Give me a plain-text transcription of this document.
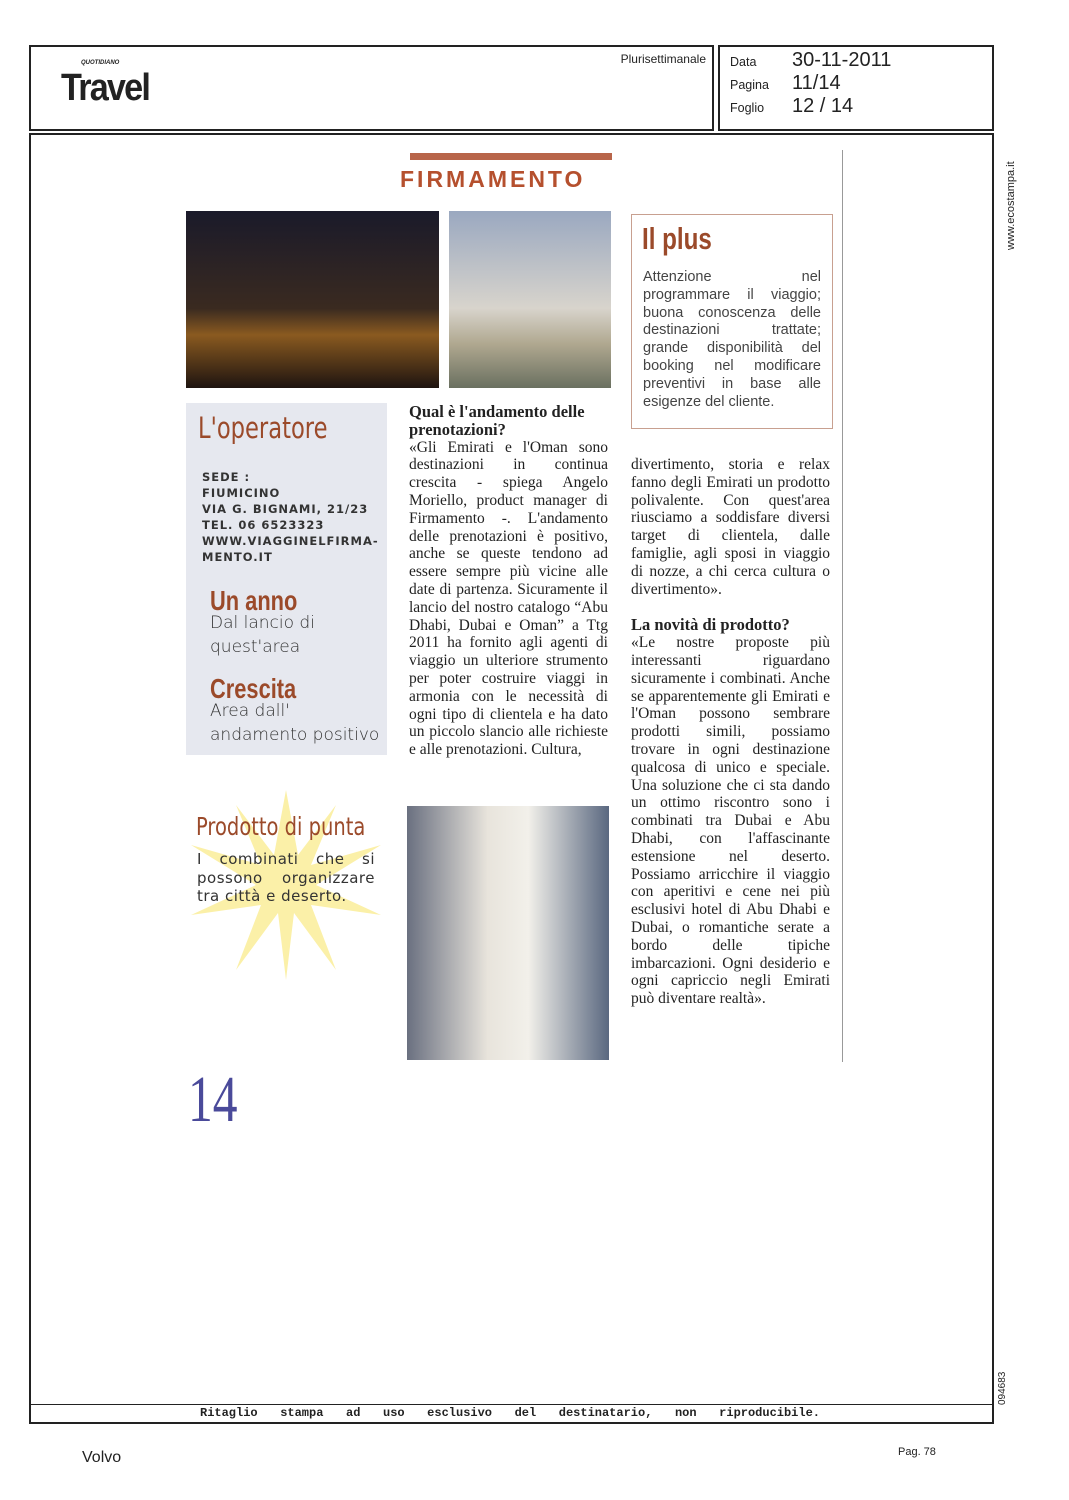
QUOTIDIANO
Travel
Plurisettimanale Data 30-11-2011
Pagina 11/14
Foglio 12 / 14
www.ecostampa.it
094683
FIRMAMENTO
Il plus
Attenzione nel programmare il viaggio; buona conoscenza delle destinazioni trattate; grande disponibilità del booking nel modificare preventivi in base alle esigenze del cliente.
L'operatore
SEDE :
FIUMICINO
VIA G. BIGNAMI, 21/23
TEL. 06 6523323
WWW.VIAGGINELFIRMA-
MENTO.IT
Un anno
Dal lancio di quest'area
Crescita
Area dall' andamento positivo
Prodotto di punta
I combinati che si possono organizzare tra città e deserto.
Qual è l'andamento delle prenotazioni?
«Gli Emirati e l'Oman sono destinazioni in continua crescita - spiega Angelo Moriello, product manager di Firmamento -. L'andamento delle prenotazioni è positivo, anche se queste tendono ad essere sempre più vicine alle date di partenza. Sicuramente il lancio del nostro catalogo “Abu Dhabi, Dubai e Oman” a Ttg 2011 ha fornito agli agenti di viaggio un ulteriore strumento per poter costruire viaggi in armonia con le necessità di ogni tipo di clientela e ha dato un piccolo slancio alle richieste e alle prenotazioni. Cultura,
divertimento, storia e relax fanno degli Emirati un prodotto polivalente. Con quest'area riusciamo a soddisfare diversi target di clientela, dalle famiglie, agli sposi in viaggio di nozze, a chi cerca cultura o divertimento».
La novità di prodotto?
«Le nostre proposte più interessanti riguardano sicuramente i combinati. Anche se apparentemente gli Emirati e l'Oman possono sembrare prodotti simili, possiamo trovare in ogni destinazione qualcosa di unico e speciale. Una soluzione che ci sta dando un ottimo riscontro sono i combinati tra Dubai e Abu Dhabi, con l'affascinante estensione nel deserto. Possiamo arricchire il viaggio con aperitivi e cene nei più esclusivi hotel di Abu Dhabi e Dubai, o romantiche serate a bordo delle tipiche imbarcazioni. Ogni desiderio e ogni capriccio negli Emirati può diventare realtà».
14
Ritaglio stampa ad uso esclusivo del destinatario, non riproducibile.
Volvo	Pag. 78
